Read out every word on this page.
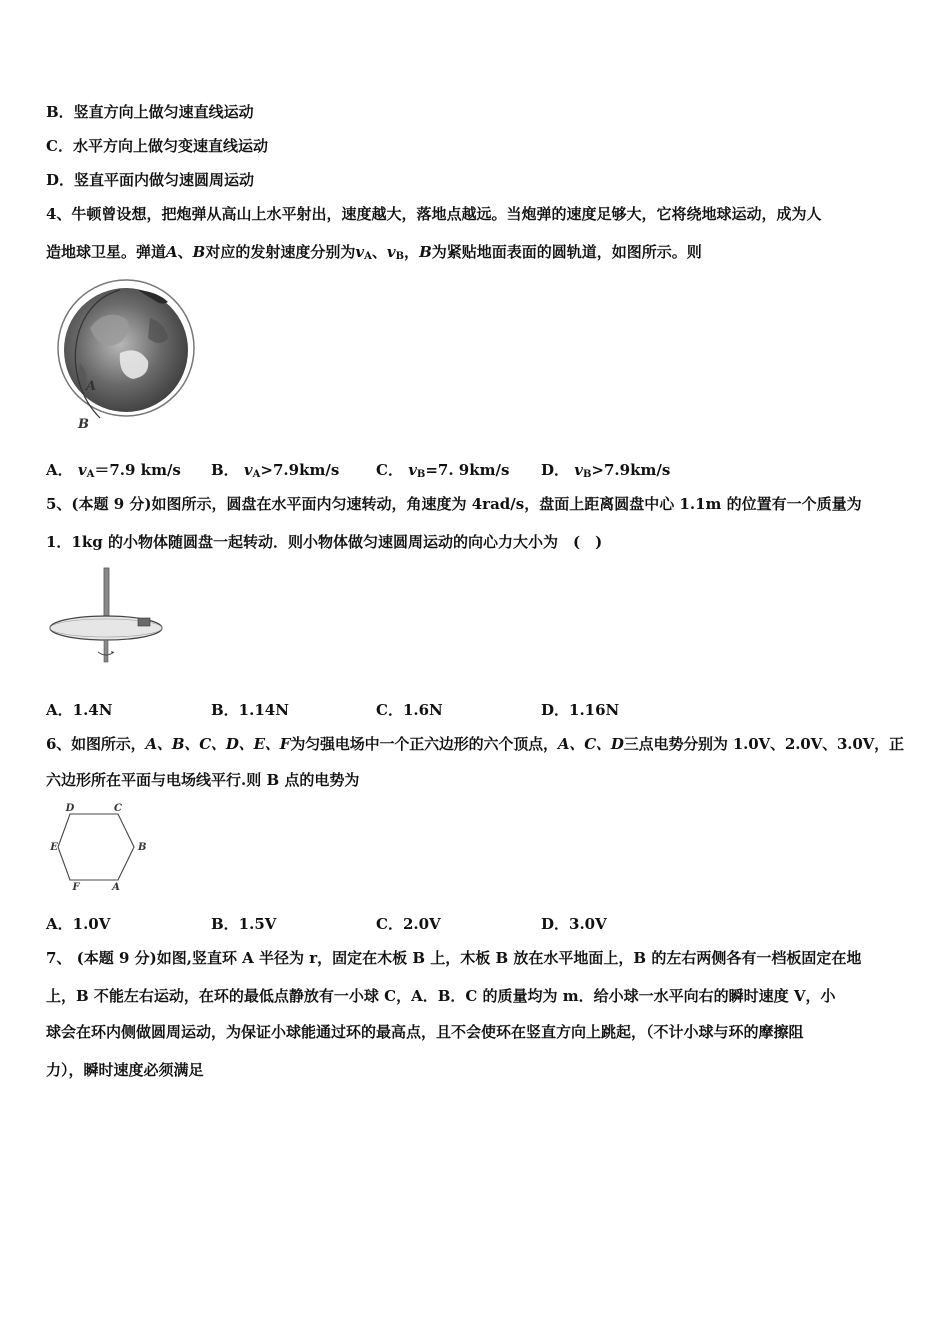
B．竖直方向上做匀速直线运动
C．水平方向上做匀变速直线运动
D．竖直平面内做匀速圆周运动
4、牛顿曾设想，把炮弹从高山上水平射出，速度越大，落地点越远。当炮弹的速度足够大，它将绕地球运动，成为人
造地球卫星。弹道A、B对应的发射速度分别为$v_A$、$v_B$，B为紧贴地面表面的圆轨道，如图所示。则
A
B
A． $v_A=7.9$ km/s B． $v_A>7.9km/s$ C． $v_B=7$. 9km/s D． $v_B>7.9km/s$
5、(本题 9 分)如图所示，圆盘在水平面内匀速转动，角速度为 4rad/s，盘面上距离圆盘中心 1.1m 的位置有一个质量为
1．1kg 的小物体随圆盘一起转动．则小物体做匀速圆周运动的向心力大小为　(　)
A．1.4N	B．1.14N	C．1.6N	D．1.16N
6、如图所示，A、B、C、D、E、F为匀强电场中一个正六边形的六个顶点，A、C、D三点电势分别为 1.0V、2.0V、3.0V，正
六边形所在平面与电场线平行.则 B 点的电势为
D	C
E	B
F	A
A．1.0V	B．1.5V	C．2.0V	D．3.0V
7、 (本题 9 分)如图,竖直环 A 半径为 r，固定在木板 B 上，木板 B 放在水平地面上，B 的左右两侧各有一档板固定在地
上，B 不能左右运动，在环的最低点静放有一小球 C，A．B．C 的质量均为 m．给小球一水平向右的瞬时速度 V，小
球会在环内侧做圆周运动，为保证小球能通过环的最高点，且不会使环在竖直方向上跳起，（不计小球与环的摩擦阻
力），瞬时速度必须满足
